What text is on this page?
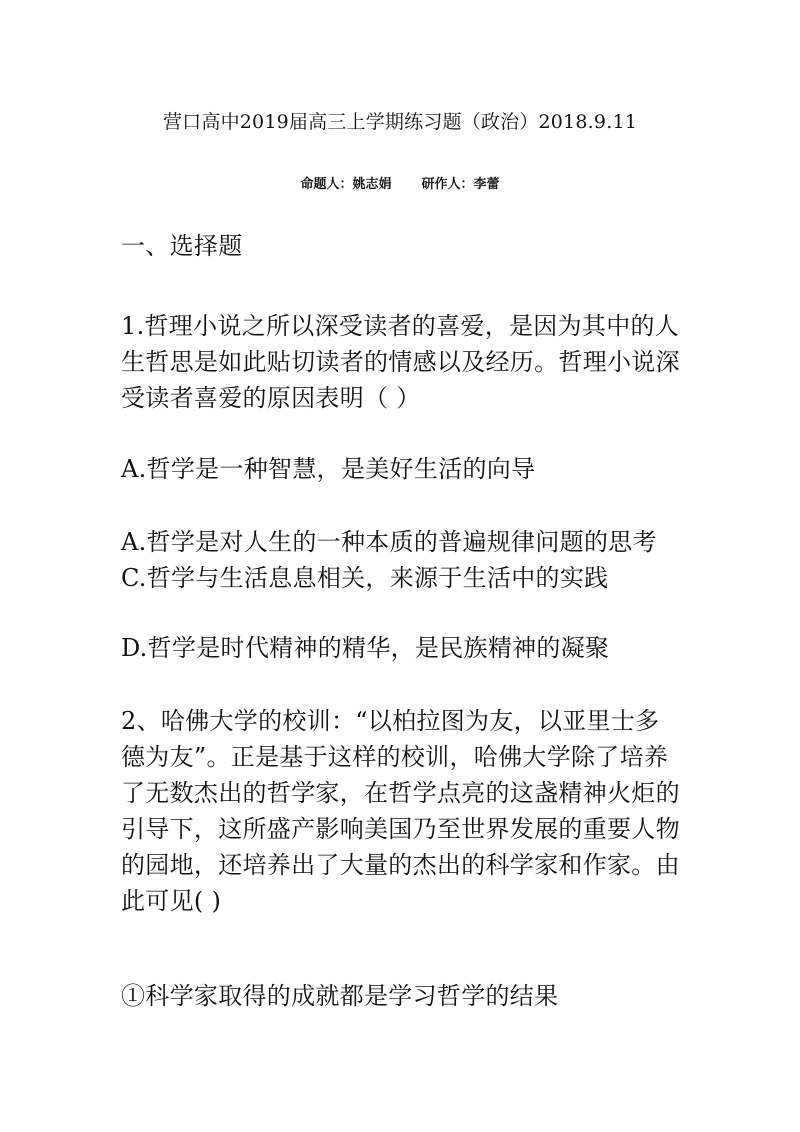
营口高中2019届高三上学期练习题（政治）2018.9.11
命题人：姚志娟 研作人：李蕾
一、选择题
1.哲理小说之所以深受读者的喜爱，是因为其中的人
生哲思是如此贴切读者的情感以及经历。哲理小说深
受读者喜爱的原因表明（ ）
A.哲学是一种智慧，是美好生活的向导
A.哲学是对人生的一种本质的普遍规律问题的思考
C.哲学与生活息息相关，来源于生活中的实践
D.哲学是时代精神的精华，是民族精神的凝聚
2、哈佛大学的校训：“以柏拉图为友，以亚里士多
德为友”。正是基于这样的校训，哈佛大学除了培养
了无数杰出的哲学家，在哲学点亮的这盏精神火炬的
引导下，这所盛产影响美国乃至世界发展的重要人物
的园地，还培养出了大量的杰出的科学家和作家。由
此可见( )
①科学家取得的成就都是学习哲学的结果
